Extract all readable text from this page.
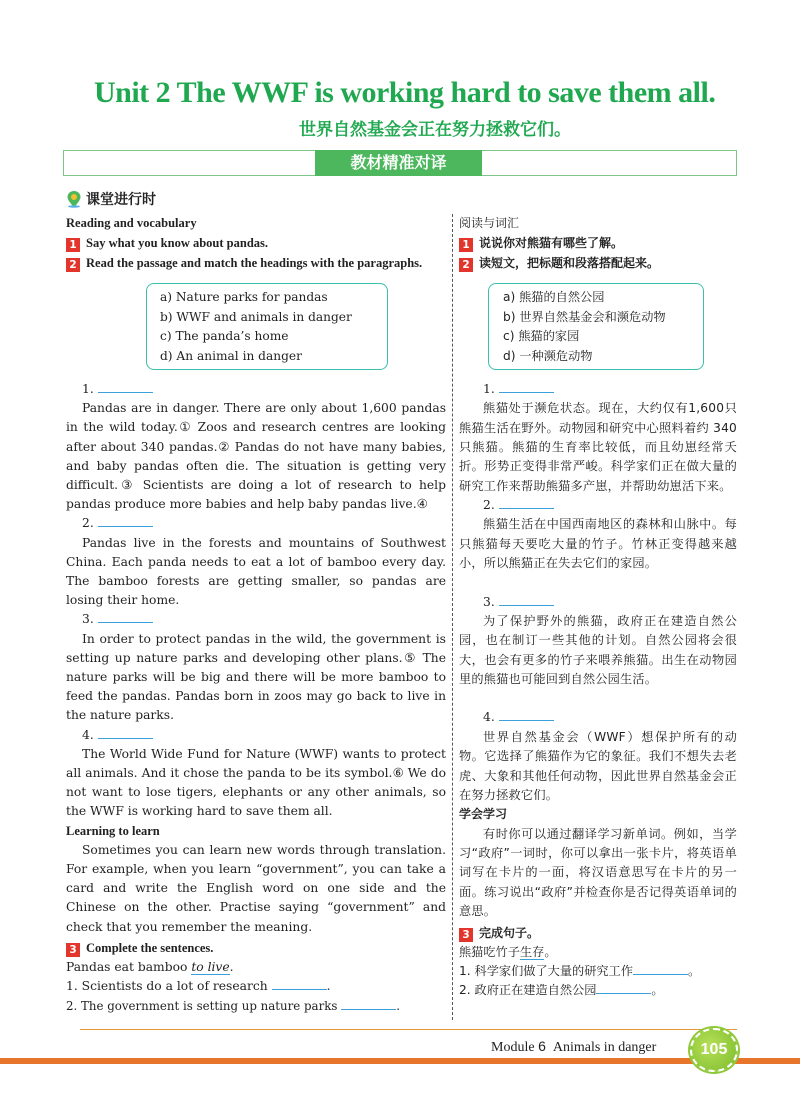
Unit 2 The WWF is working hard to save them all.
世界自然基金会正在努力拯救它们。
教材精准对译
课堂进行时
Reading and vocabulary
1 Say what you know about pandas.
2 Read the passage and match the headings with the paragraphs.
a) Nature parks for pandas
b) WWF and animals in danger
c) The panda’s home
d) An animal in danger
1.
Pandas are in danger. There are only about 1,600 pandas in the wild today.① Zoos and research centres are looking after about 340 pandas.② Pandas do not have many babies, and baby pandas often die. The situation is getting very difficult.③ Scientists are doing a lot of research to help pandas produce more babies and help baby pandas live.④
2.
Pandas live in the forests and mountains of Southwest China. Each panda needs to eat a lot of bamboo every day. The bamboo forests are getting smaller, so pandas are losing their home.
3.
In order to protect pandas in the wild, the government is setting up nature parks and developing other plans.⑤ The nature parks will be big and there will be more bamboo to feed the pandas. Pandas born in zoos may go back to live in the nature parks.
4.
The World Wide Fund for Nature (WWF) wants to protect all animals. And it chose the panda to be its symbol.⑥ We do not want to lose tigers, elephants or any other animals, so the WWF is working hard to save them all.
Learning to learn
Sometimes you can learn new words through translation. For example, when you learn “government”, you can take a card and write the English word on one side and the Chinese on the other. Practise saying “government” and check that you remember the meaning.
3 Complete the sentences.
Pandas eat bamboo to live.
1. Scientists do a lot of research	.
2. The government is setting up nature parks	.
阅读与词汇
1 说说你对熊猫有哪些了解。
2 读短文，把标题和段落搭配起来。
a) 熊猫的自然公园
b) 世界自然基金会和濒危动物
c) 熊猫的家园
d) 一种濒危动物
1.
熊猫处于濒危状态。现在，大约仅有1,600只熊猫生活在野外。动物园和研究中心照料着约 340 只熊猫。熊猫的生育率比较低，而且幼崽经常夭折。形势正变得非常严峻。科学家们正在做大量的研究工作来帮助熊猫多产崽，并帮助幼崽活下来。
2.
熊猫生活在中国西南地区的森林和山脉中。每只熊猫每天要吃大量的竹子。竹林正变得越来越小，所以熊猫正在失去它们的家园。
3.
为了保护野外的熊猫，政府正在建造自然公园，也在制订一些其他的计划。自然公园将会很大，也会有更多的竹子来喂养熊猫。出生在动物园里的熊猫也可能回到自然公园生活。
4.
世界自然基金会（WWF）想保护所有的动物。它选择了熊猫作为它的象征。我们不想失去老虎、大象和其他任何动物，因此世界自然基金会正在努力拯救它们。
学会学习
有时你可以通过翻译学习新单词。例如，当学习“政府”一词时，你可以拿出一张卡片，将英语单词写在卡片的一面，将汉语意思写在卡片的另一面。练习说出“政府”并检查你是否记得英语单词的意思。
3 完成句子。
熊猫吃竹子生存。
1. 科学家们做了大量的研究工作	。
2. 政府正在建造自然公园	。
Module 6 Animals in danger	105
